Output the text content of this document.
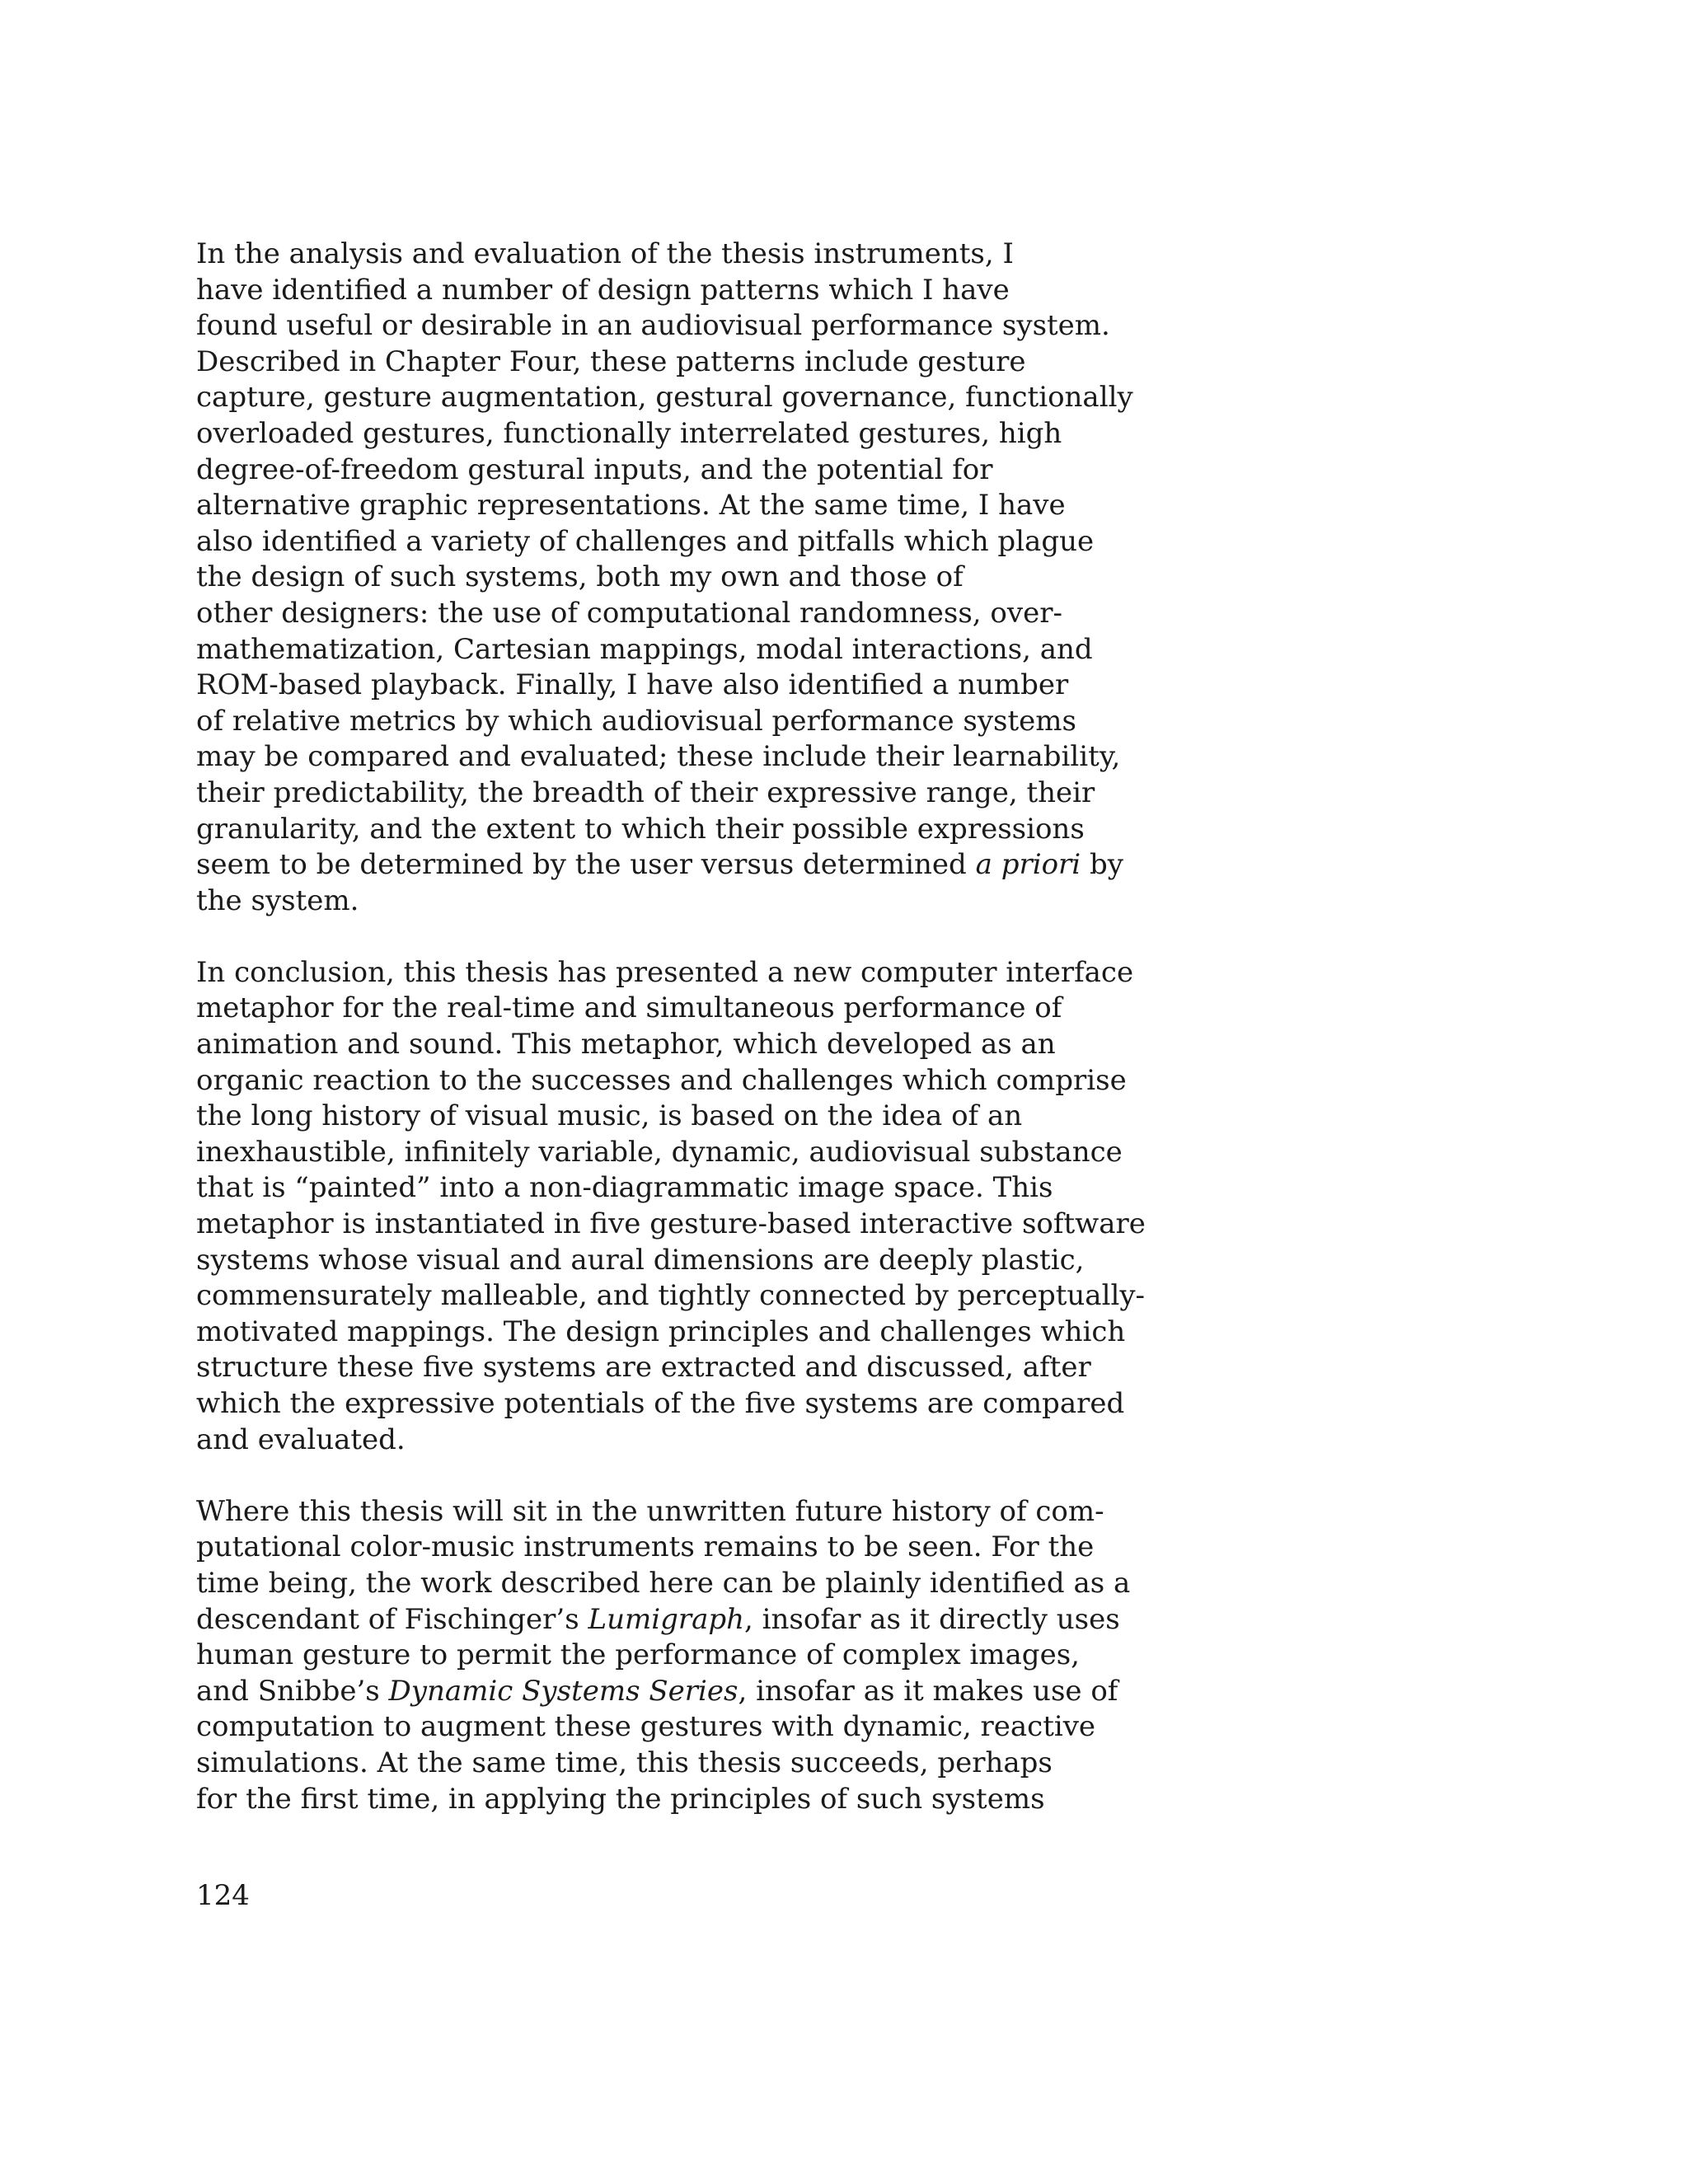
In the analysis and evaluation of the thesis instruments, I
have identified a number of design patterns which I have
found useful or desirable in an audiovisual performance system.
Described in Chapter Four, these patterns include gesture
capture, gesture augmentation, gestural governance, functionally
overloaded gestures, functionally interrelated gestures, high
degree-of-freedom gestural inputs, and the potential for
alternative graphic representations. At the same time, I have
also identified a variety of challenges and pitfalls which plague
the design of such systems, both my own and those of
other designers: the use of computational randomness, over-
mathematization, Cartesian mappings, modal interactions, and
ROM-based playback. Finally, I have also identified a number
of relative metrics by which audiovisual performance systems
may be compared and evaluated; these include their learnability,
their predictability, the breadth of their expressive range, their
granularity, and the extent to which their possible expressions
seem to be determined by the user versus determined a priori by
the system.

In conclusion, this thesis has presented a new computer interface
metaphor for the real-time and simultaneous performance of
animation and sound. This metaphor, which developed as an
organic reaction to the successes and challenges which comprise
the long history of visual music, is based on the idea of an
inexhaustible, infinitely variable, dynamic, audiovisual substance
that is “painted” into a non-diagrammatic image space. This
metaphor is instantiated in five gesture-based interactive software
systems whose visual and aural dimensions are deeply plastic,
commensurately malleable, and tightly connected by perceptually-
motivated mappings. The design principles and challenges which
structure these five systems are extracted and discussed, after
which the expressive potentials of the five systems are compared
and evaluated.

Where this thesis will sit in the unwritten future history of com-
putational color-music instruments remains to be seen. For the
time being, the work described here can be plainly identified as a
descendant of Fischinger’s Lumigraph, insofar as it directly uses
human gesture to permit the performance of complex images,
and Snibbe’s Dynamic Systems Series, insofar as it makes use of
computation to augment these gestures with dynamic, reactive
simulations. At the same time, this thesis succeeds, perhaps
for the first time, in applying the principles of such systems

124
